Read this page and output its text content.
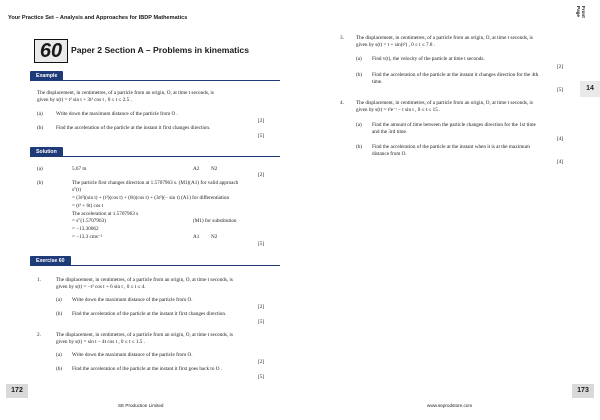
Your Practice Set – Analysis and Approaches for IBDP Mathematics
Front Page
60	Paper 2 Section A – Problems in kinematics
Example
The displacement, in centimetres, of a particle from an origin, O, at time t seconds, is
given by s(t) = t² sin t + 3t² cos t , 0 ≤ t ≤ 2.5 .
(a)	Write down the maximum distance of the particle from O .
[2]
(b) Find the acceleration of the particle at the instant it first changes direction.
[5]
Solution
(a)	5.67 m	A2 N2
[2]
(b)	The particle first changes direction at 1.5707963 s. (M1)(A1) for valid approach
s″(t)
= (3t²)(sin t) + (t²)(cos t) + (6t)(cos t) + (3t²)(− sin t) (A1) for differentiation
= (t² + 6t) cos t
The acceleration at 1.5707963 s
= s″(1.5707963)	(M1) for substitution
= −13.30062
= −13.3 cms⁻²	A1 N2
[5]
Exercise 60
1.	The displacement, in centimetres, of a particle from an origin, O, at time t seconds, is
given by s(t) = −t² cos t + 6 sin t , 0 ≤ t ≤ 4.
(a) Write down the maximum distance of the particle from O.
[2]
(b) Find the acceleration of the particle at the instant it first changes direction.
[5]
2.	The displacement, in centimetres, of a particle from an origin, O, at time t seconds, is
given by s(t) = sin t − 4t cos t , 0 ≤ t ≤ 1.5 .
(a) Write down the maximum distance of the particle from O.
[2]
(b) Find the acceleration of the particle at the instant it first goes back to O .
[5]
3. The displacement, in centimetres, of a particle from an origin, O, at time t seconds, is
given by s(t) = t + sin(t²) , 0 ≤ t ≤ 7.8 .
(a) Find v(t), the velocity of the particle at time t seconds.
[2]
(b) Find the acceleration of the particle at the instant it changes direction for the 4th
time.
[5]
4. The displacement, in centimetres, of a particle from an origin, O, at time t seconds, is
given by s(t) = t²e⁻ᵗ − t sin t , 0 ≤ t ≤ 15 .
(a) Find the amount of time between the particle changes direction for the 1st time
and the 3rd time.
[4]
(b) Find the acceleration of the particle at the instant when it is at the maximum
distance from O.
[4]
14
172	173
SE Production Limited	www.seprodstore.com
